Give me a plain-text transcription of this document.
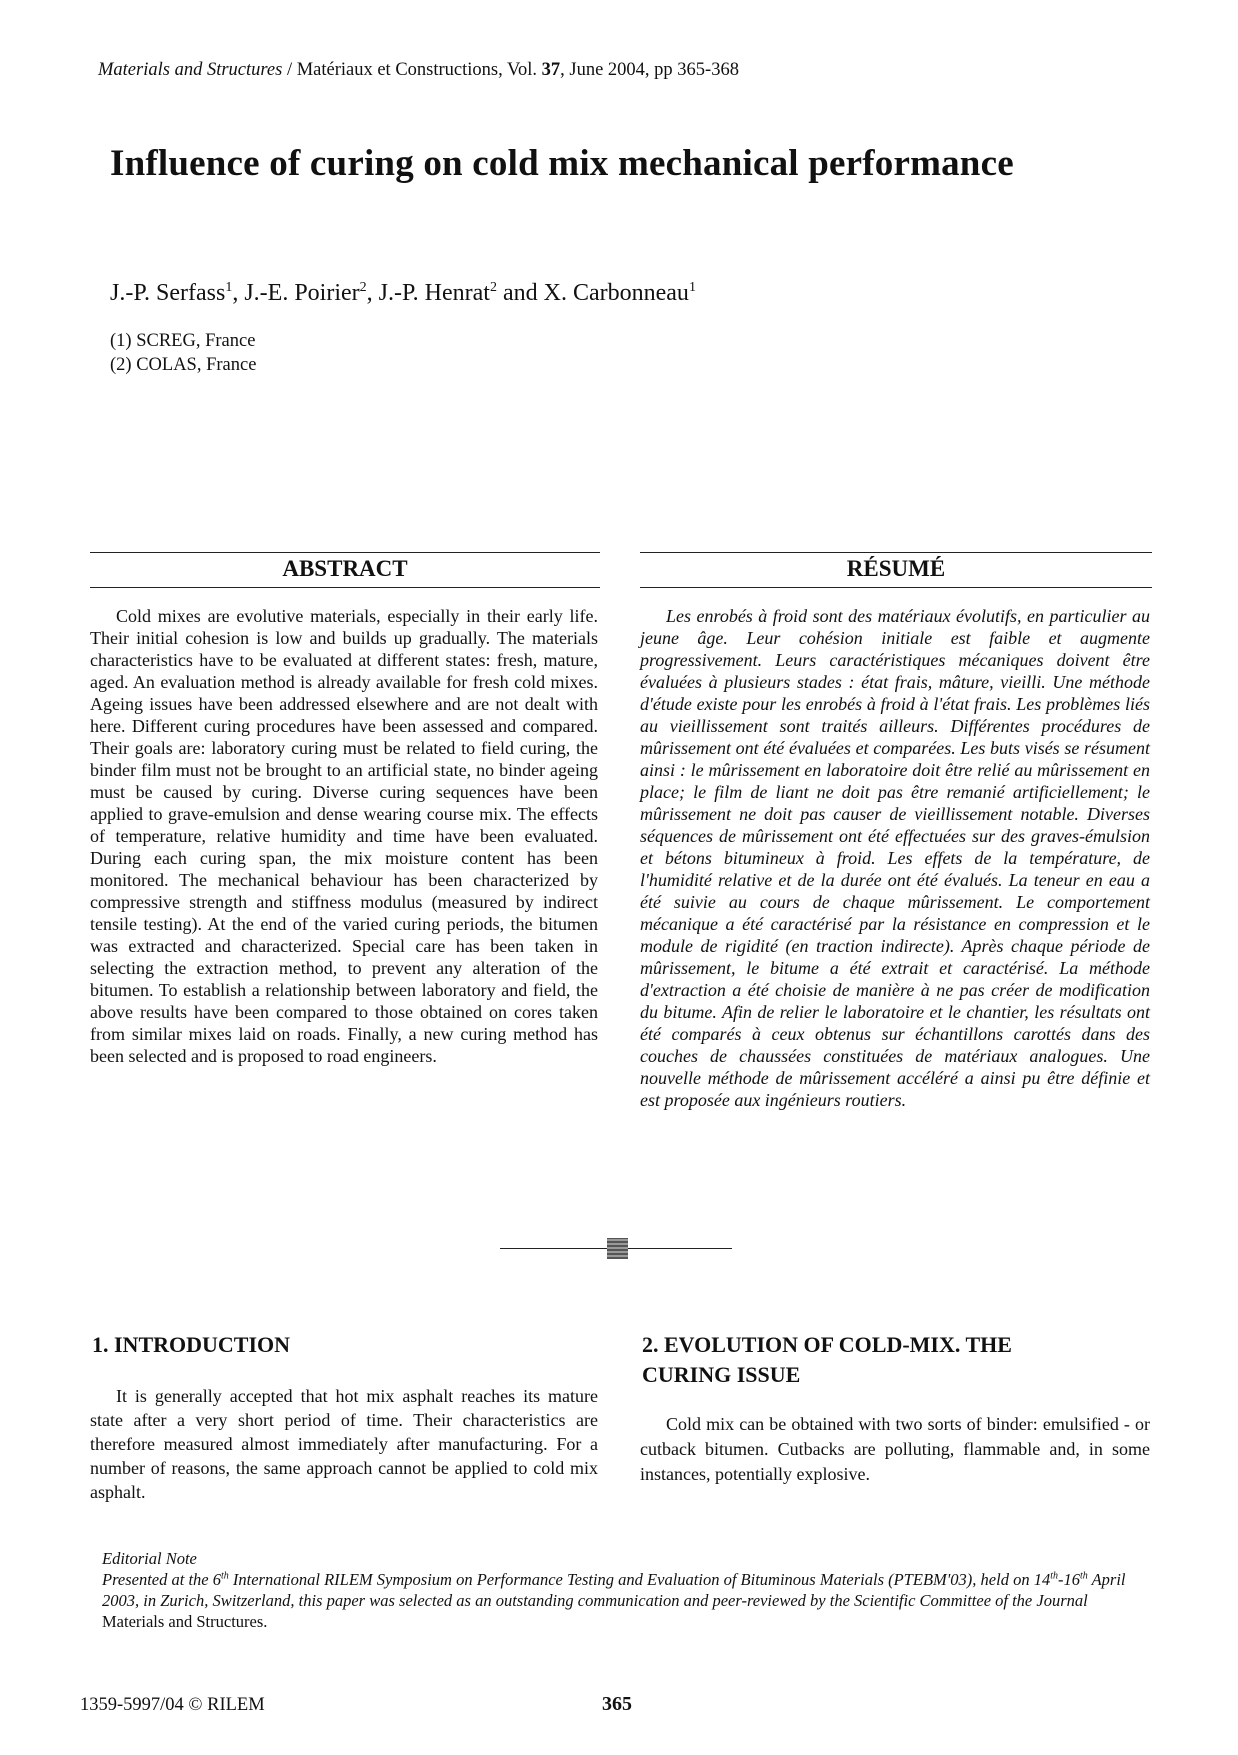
Materials and Structures / Matériaux et Constructions, Vol. 37, June 2004, pp 365-368
Influence of curing on cold mix mechanical performance
J.-P. Serfass$^1$, J.-E. Poirier$^2$, J.-P. Henrat$^2$ and X. Carbonneau$^1$
(1) SCREG, France
(2) COLAS, France
ABSTRACT

Cold mixes are evolutive materials, especially in their early life. Their initial cohesion is low and builds up gradually. The materials characteristics have to be evaluated at different states: fresh, mature, aged. An evaluation method is already available for fresh cold mixes. Ageing issues have been addressed elsewhere and are not dealt with here. Different curing procedures have been assessed and compared. Their goals are: laboratory curing must be related to field curing, the binder film must not be brought to an artificial state, no binder ageing must be caused by curing. Diverse curing sequences have been applied to grave-emulsion and dense wearing course mix. The effects of temperature, relative humidity and time have been evaluated. During each curing span, the mix moisture content has been monitored. The mechanical behaviour has been characterized by compressive strength and stiffness modulus (measured by indirect tensile testing). At the end of the varied curing periods, the bitumen was extracted and characterized. Special care has been taken in selecting the extraction method, to prevent any alteration of the bitumen. To establish a relationship between laboratory and field, the above results have been compared to those obtained on cores taken from similar mixes laid on roads. Finally, a new curing method has been selected and is proposed to road engineers.

RÉSUMÉ

Les enrobés à froid sont des matériaux évolutifs, en particulier au jeune âge. Leur cohésion initiale est faible et augmente progressivement. Leurs caractéristiques mécaniques doivent être évaluées à plusieurs stades : état frais, mâture, vieilli. Une méthode d'étude existe pour les enrobés à froid à l'état frais. Les problèmes liés au vieillissement sont traités ailleurs. Différentes procédures de mûrissement ont été évaluées et comparées. Les buts visés se résument ainsi : le mûrissement en laboratoire doit être relié au mûrissement en place; le film de liant ne doit pas être remanié artificiellement; le mûrissement ne doit pas causer de vieillissement notable. Diverses séquences de mûrissement ont été effectuées sur des graves-émulsion et bétons bitumineux à froid. Les effets de la température, de l'humidité relative et de la durée ont été évalués. La teneur en eau a été suivie au cours de chaque mûrissement. Le comportement mécanique a été caractérisé par la résistance en compression et le module de rigidité (en traction indirecte). Après chaque période de mûrissement, le bitume a été extrait et caractérisé. La méthode d'extraction a été choisie de manière à ne pas créer de modification du bitume. Afin de relier le laboratoire et le chantier, les résultats ont été comparés à ceux obtenus sur échantillons carottés dans des couches de chaussées constituées de matériaux analogues. Une nouvelle méthode de mûrissement accéléré a ainsi pu être définie et est proposée aux ingénieurs routiers.

1. INTRODUCTION

It is generally accepted that hot mix asphalt reaches its mature state after a very short period of time. Their characteristics are therefore measured almost immediately after manufacturing. For a number of reasons, the same approach cannot be applied to cold mix asphalt.

2. EVOLUTION OF COLD-MIX. THE
CURING ISSUE

Cold mix can be obtained with two sorts of binder: emulsified - or cutback bitumen. Cutbacks are polluting, flammable and, in some instances, potentially explosive.

Editorial Note
Presented at the 6th International RILEM Symposium on Performance Testing and Evaluation of Bituminous Materials (PTEBM'03), held on 14th-16th April 2003, in Zurich, Switzerland, this paper was selected as an outstanding communication and peer-reviewed by the Scientific Committee of the Journal Materials and Structures.
1359-5997/04 © RILEM	365
